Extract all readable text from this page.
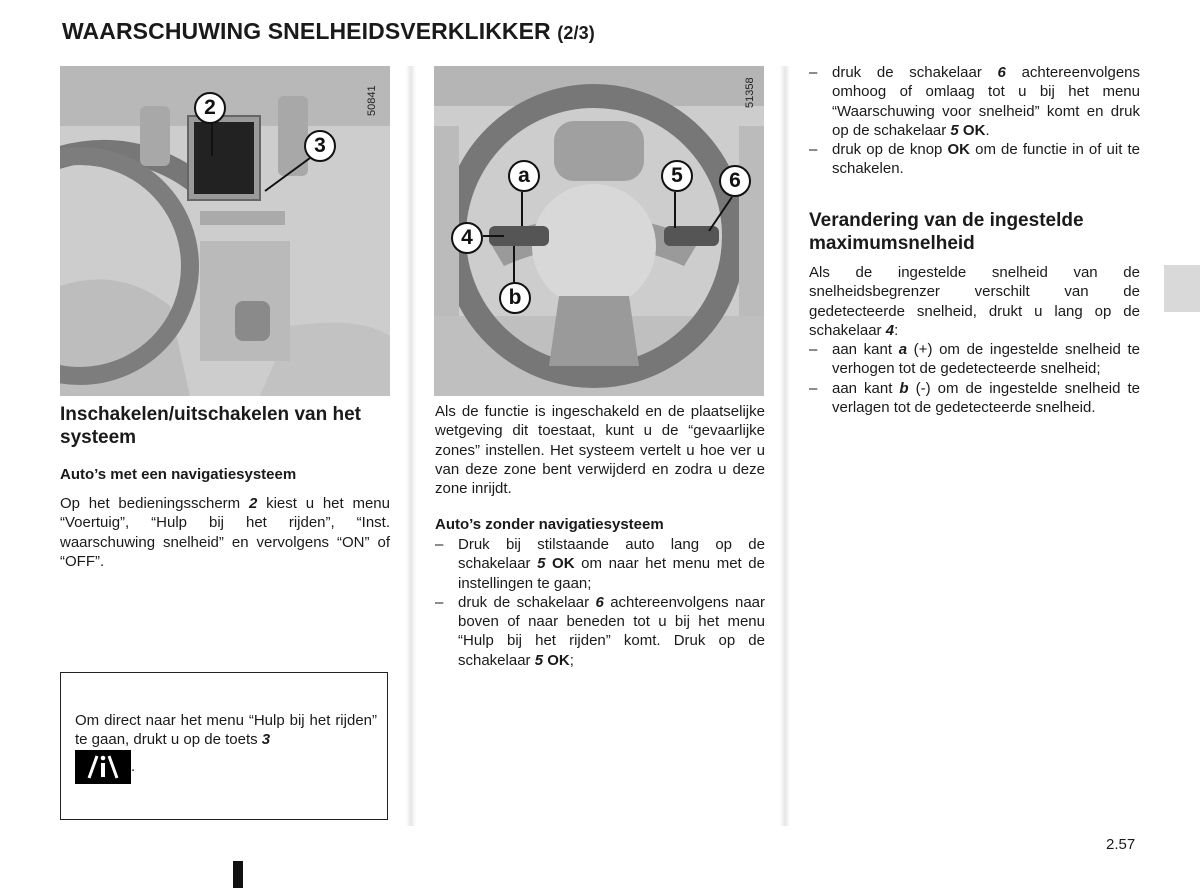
WAARSCHUWING SNELHEIDSVERKLIKKER (2/3)
2
3
50841
a	5	6
4
b
51358
Inschakelen/uitschakelen van het systeem
Auto’s met een navigatiesysteem
Op het bedieningsscherm 2 kiest u het menu “Voertuig”, “Hulp bij het rijden”, “Inst. waarschuwing snelheid” en vervolgens “ON” of “OFF”.
Om direct naar het menu “Hulp bij het rijden” te gaan, drukt u op de toets 3
.
Als de functie is ingeschakeld en de plaatselijke wetgeving dit toestaat, kunt u de “gevaarlijke zones” instellen. Het systeem vertelt u hoe ver u van deze zone bent verwijderd en zodra u deze zone inrijdt.
Auto’s zonder navigatiesysteem
– Druk bij stilstaande auto lang op de schakelaar 5 OK om naar het menu met de instellingen te gaan;
– druk de schakelaar 6 achtereenvolgens naar boven of naar beneden tot u bij het menu “Hulp bij het rijden” komt. Druk op de schakelaar 5 OK;
– druk de schakelaar 6 achtereenvolgens omhoog of omlaag tot u bij het menu “Waarschuwing voor snelheid” komt en druk op de schakelaar 5 OK.
– druk op de knop OK om de functie in of uit te schakelen.
Verandering van de ingestelde maximumsnelheid
Als de ingestelde snelheid van de snelheidsbegrenzer verschilt van de gedetecteerde snelheid, drukt u lang op de schakelaar 4:
– aan kant a (+) om de ingestelde snelheid te verhogen tot de gedetecteerde snelheid;
– aan kant b (-) om de ingestelde snelheid te verlagen tot de gedetecteerde snelheid.
2.57
